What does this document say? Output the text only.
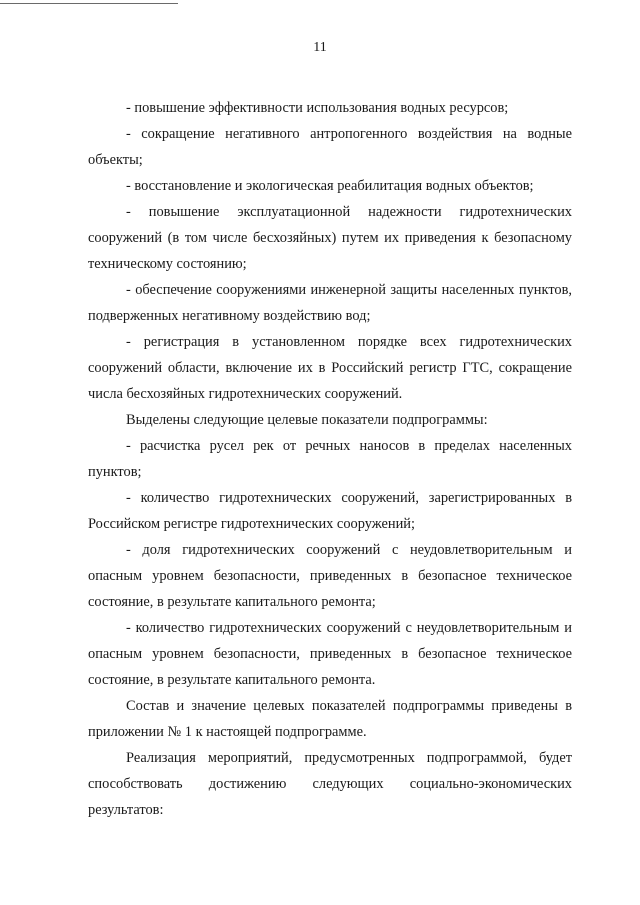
11

- повышение эффективности использования водных ресурсов;

- сокращение негативного антропогенного воздействия на водные объекты;

- восстановление и экологическая реабилитация водных объектов;

- повышение эксплуатационной надежности гидротехнических сооружений (в том числе бесхозяйных) путем их приведения к безопасному техническому состоянию;

- обеспечение сооружениями инженерной защиты населенных пунктов, подверженных негативному воздействию вод;

- регистрация в установленном порядке всех гидротехнических сооружений области, включение их в Российский регистр ГТС, сокращение числа бесхозяйных гидротехнических сооружений.

Выделены следующие целевые показатели подпрограммы:

- расчистка русел рек от речных наносов в пределах населенных пунктов;

- количество гидротехнических сооружений, зарегистрированных в Российском регистре гидротехнических сооружений;

- доля гидротехнических сооружений с неудовлетворительным и опасным уровнем безопасности, приведенных в безопасное техническое состояние, в результате капитального ремонта;

- количество гидротехнических сооружений с неудовлетворительным и опасным уровнем безопасности, приведенных в безопасное техническое состояние, в результате капитального ремонта.

Состав и значение целевых показателей подпрограммы приведены в приложении № 1 к настоящей подпрограмме.

Реализация мероприятий, предусмотренных подпрограммой, будет способствовать достижению следующих социально-экономических результатов:
